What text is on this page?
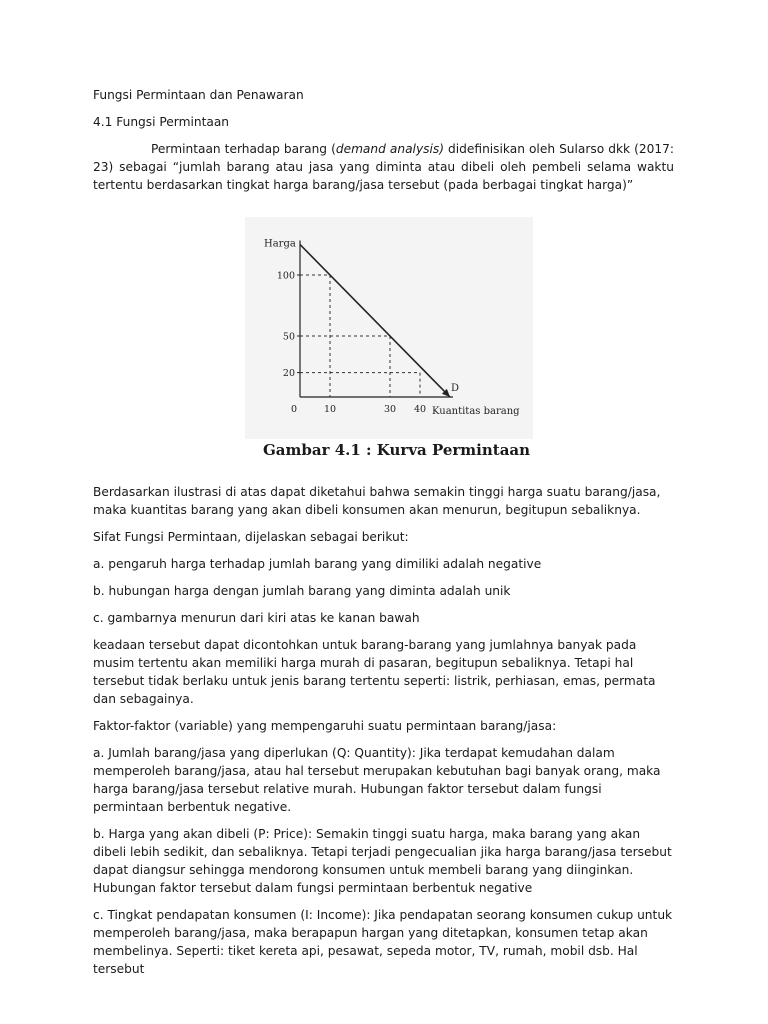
Fungsi Permintaan dan Penawaran

4.1 Fungsi Permintaan

Permintaan terhadap barang (demand analysis) didefinisikan oleh Sularso dkk (2017: 23) sebagai “jumlah barang atau jasa yang diminta atau dibeli oleh pembeli selama waktu tertentu berdasarkan tingkat harga barang/jasa tersebut (pada berbagai tingkat harga)”

100
50
20
0	10	30 40
Harga
Kuantitas barang
D
Gambar 4.1 : Kurva Permintaan

Berdasarkan ilustrasi di atas dapat diketahui bahwa semakin tinggi harga suatu barang/jasa, maka kuantitas barang yang akan dibeli konsumen akan menurun, begitupun sebaliknya.

Sifat Fungsi Permintaan, dijelaskan sebagai berikut:

a. pengaruh harga terhadap jumlah barang yang dimiliki adalah negative

b. hubungan harga dengan jumlah barang yang diminta adalah unik

c. gambarnya menurun dari kiri atas ke kanan bawah

keadaan tersebut dapat dicontohkan untuk barang-barang yang jumlahnya banyak pada musim tertentu akan memiliki harga murah di pasaran, begitupun sebaliknya. Tetapi hal tersebut tidak berlaku untuk jenis barang tertentu seperti: listrik, perhiasan, emas, permata dan sebagainya.

Faktor-faktor (variable) yang mempengaruhi suatu permintaan barang/jasa:

a. Jumlah barang/jasa yang diperlukan (Q: Quantity): Jika terdapat kemudahan dalam memperoleh barang/jasa, atau hal tersebut merupakan kebutuhan bagi banyak orang, maka harga barang/jasa tersebut relative murah. Hubungan faktor tersebut dalam fungsi permintaan berbentuk negative.

b. Harga yang akan dibeli (P: Price): Semakin tinggi suatu harga, maka barang yang akan dibeli lebih sedikit, dan sebaliknya. Tetapi terjadi pengecualian jika harga barang/jasa tersebut dapat diangsur sehingga mendorong konsumen untuk membeli barang yang diinginkan. Hubungan faktor tersebut dalam fungsi permintaan berbentuk negative

c. Tingkat pendapatan konsumen (I: Income): Jika pendapatan seorang konsumen cukup untuk memperoleh barang/jasa, maka berapapun hargan yang ditetapkan, konsumen tetap akan membelinya. Seperti: tiket kereta api, pesawat, sepeda motor, TV, rumah, mobil dsb. Hal tersebut
